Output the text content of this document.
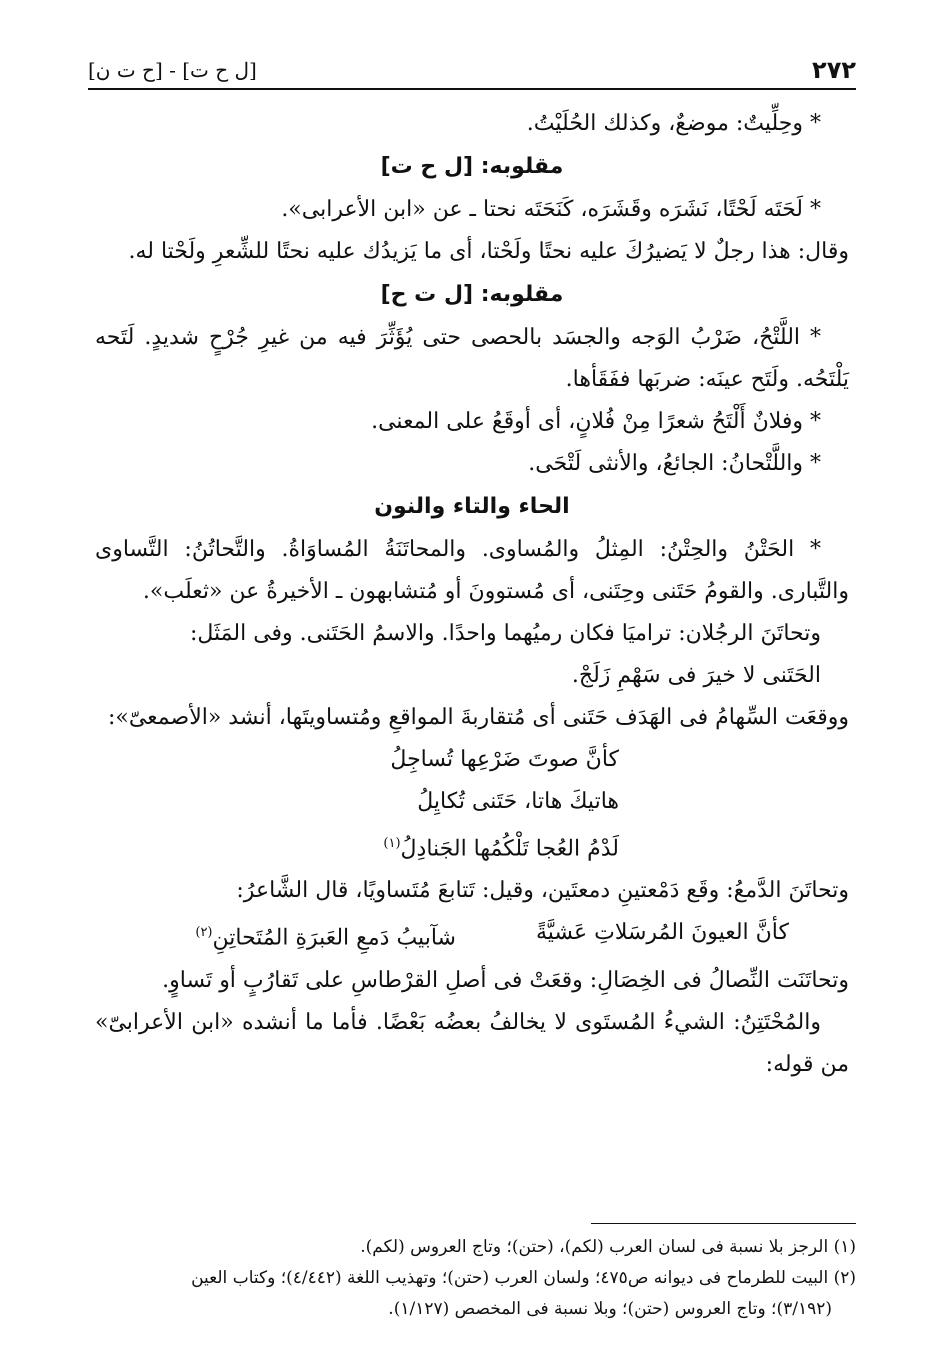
٢٧٢
[ل ح ت] - [ح ت ن]

* وحِلِّيتٌ: موضعٌ، وكذلك الحُلَيْتُ.

مقلوبه: [ل ح ت]

* لَحَتَه لَحْتًا، نَشَرَه وقَشَرَه، كَنَحَتَه نحتا ـ عن «ابن الأعرابى».

وقال: هذا رجلٌ لا يَضيرُكَ عليه نحتًا ولَحْتا، أى ما يَزيدُك عليه نحتًا للشِّعرِ ولَحْتا له.

مقلوبه: [ل ت ح]

* اللَّتْحُ، ضَرْبُ الوَجه والجسَد بالحصى حتى يُؤَثِّرَ فيه من غيرِ جُرْحٍ شديدٍ. لَتَحه يَلْتَحُه. ولَتَح عينَه: ضربَها ففَقَأها.

* وفلانٌ أَلْتَحُ شعرًا مِنْ فُلانٍ، أى أوقَعُ على المعنى.

* واللَّتْحانُ: الجائعُ، والأنثى لَتْحَى.

الحاء والتاء والنون

* الحَتْنُ والحِتْنُ: المِثلُ والمُساوى. والمحاتَنَةُ المُساوَاةُ. والتَّحاتُنُ: التَّساوى والتَّبارى. والقومُ حَتَنى وحِتَنى، أى مُستوونَ أو مُتشابهون ـ الأخيرةُ عن «ثعلَب».

وتحاتَنَ الرجُلان: تراميَا فكان رميُهما واحدًا. والاسمُ الحَتَنى. وفى المَثَل:

الحَتَنى لا خيرَ فى سَهْمِ زَلَجْ.

ووقعَت السِّهامُ فى الهَدَف حَتَنى أى مُتقاربةَ المواقعِ ومُتساويتَها، أنشد «الأصمعىّ»:

كأنَّ صوتَ ضَرْعِها تُساجِلُ

هاتيكَ هاتا، حَتَنى تُكايِلُ

لَدْمُ العُجا تَلْكُمُها الجَنادِلُ$^{(١)}$

وتحاتَنَ الدَّمعُ: وقَع دَمْعتينِ دمعتَين، وقيل: تَتابعَ مُتَساويًا، قال الشَّاعرُ:

كأنَّ العيونَ المُرسَلاتِ عَشيَّةً
شآبيبُ دَمعِ العَبرَةِ المُتَحاتِنِ$^{(٢)}$

وتحاتَنَت النِّصالُ فى الخِصَالِ: وقعَتْ فى أصلِ القرْطاسِ على تَقارُبٍ أو تَساوٍ.

والمُحْتَتِنُ: الشيءُ المُستَوى لا يخالفُ بعضُه بَعْضًا. فأما ما أنشده «ابن الأعرابىّ» من قوله:

(١) الرجز بلا نسبة فى لسان العرب (لكم)، (حتن)؛ وتاج العروس (لكم).

(٢) البيت للطرماح فى ديوانه ص٤٧٥؛ ولسان العرب (حتن)؛ وتهذيب اللغة (٤/٤٤٢)؛ وكتاب العين

(٣/١٩٢)؛ وتاج العروس (حتن)؛ وبلا نسبة فى المخصص (١/١٢٧).
